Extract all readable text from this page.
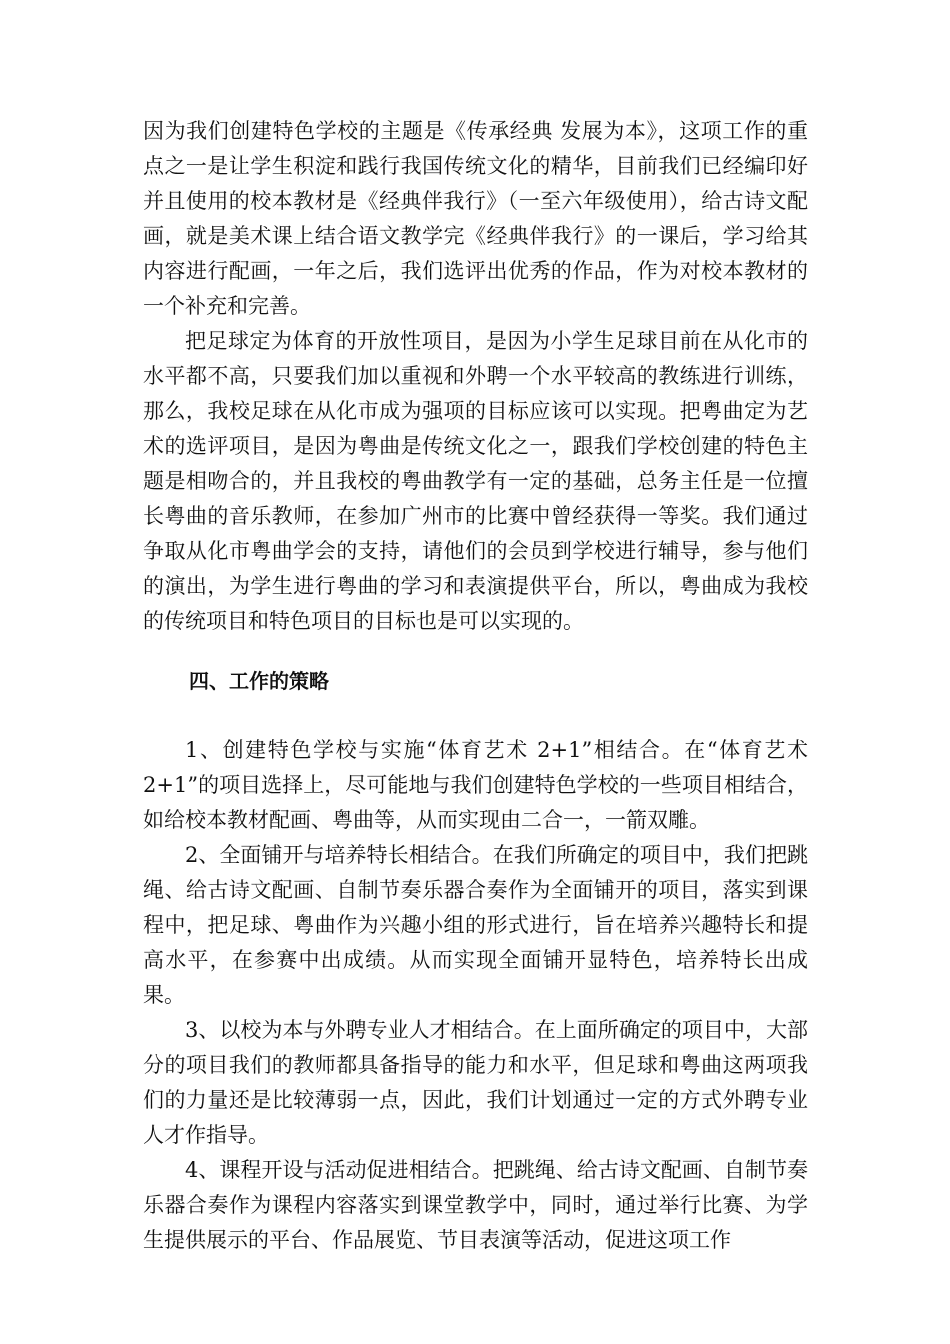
因为我们创建特色学校的主题是《传承经典 发展为本》，这项工作的重点之一是让学生积淀和践行我国传统文化的精华，目前我们已经编印好并且使用的校本教材是《经典伴我行》（一至六年级使用），给古诗文配画，就是美术课上结合语文教学完《经典伴我行》的一课后，学习给其内容进行配画，一年之后，我们选评出优秀的作品，作为对校本教材的一个补充和完善。

把足球定为体育的开放性项目，是因为小学生足球目前在从化市的水平都不高，只要我们加以重视和外聘一个水平较高的教练进行训练，那么，我校足球在从化市成为强项的目标应该可以实现。把粤曲定为艺术的选评项目，是因为粤曲是传统文化之一，跟我们学校创建的特色主题是相吻合的，并且我校的粤曲教学有一定的基础，总务主任是一位擅长粤曲的音乐教师，在参加广州市的比赛中曾经获得一等奖。我们通过争取从化市粤曲学会的支持，请他们的会员到学校进行辅导，参与他们的演出，为学生进行粤曲的学习和表演提供平台，所以，粤曲成为我校的传统项目和特色项目的目标也是可以实现的。

四、工作的策略

1、创建特色学校与实施“体育艺术 2+1”相结合。在“体育艺术 2+1”的项目选择上，尽可能地与我们创建特色学校的一些项目相结合，如给校本教材配画、粤曲等，从而实现由二合一，一箭双雕。

2、全面铺开与培养特长相结合。在我们所确定的项目中，我们把跳绳、给古诗文配画、自制节奏乐器合奏作为全面铺开的项目，落实到课程中，把足球、粤曲作为兴趣小组的形式进行，旨在培养兴趣特长和提高水平，在参赛中出成绩。从而实现全面铺开显特色，培养特长出成果。

3、以校为本与外聘专业人才相结合。在上面所确定的项目中，大部分的项目我们的教师都具备指导的能力和水平，但足球和粤曲这两项我们的力量还是比较薄弱一点，因此，我们计划通过一定的方式外聘专业人才作指导。

4、课程开设与活动促进相结合。把跳绳、给古诗文配画、自制节奏乐器合奏作为课程内容落实到课堂教学中，同时，通过举行比赛、为学生提供展示的平台、作品展览、节目表演等活动，促进这项工作
